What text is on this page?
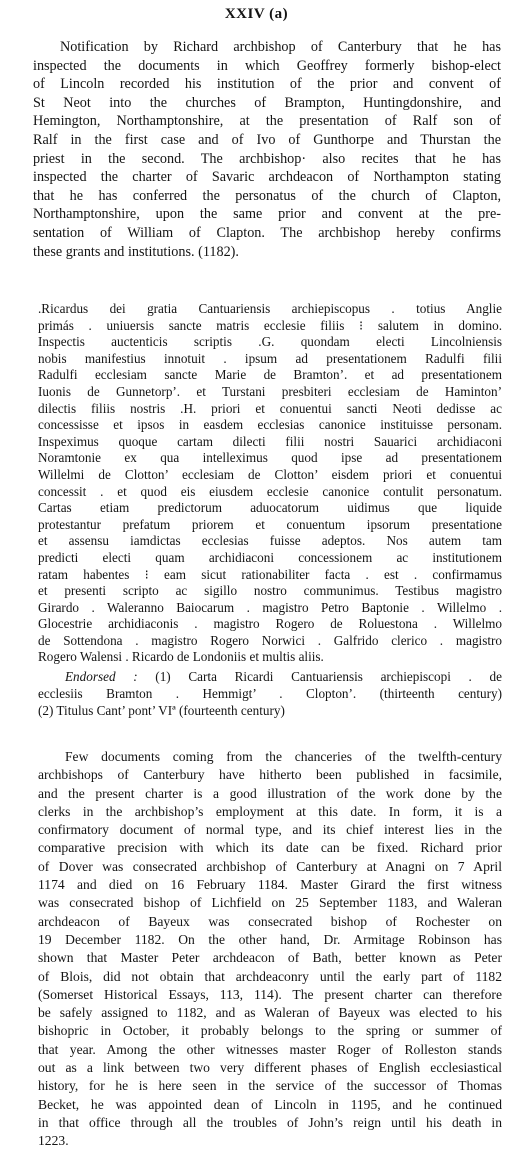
XXIV (a)
Notification by Richard archbishop of Canterbury that he has
inspected the documents in which Geoffrey formerly bishop-elect
of Lincoln recorded his institution of the prior and convent of
St Neot into the churches of Brampton, Huntingdonshire, and
Hemington, Northamptonshire, at the presentation of Ralf son of
Ralf in the first case and of Ivo of Gunthorpe and Thurstan the
priest in the second. The archbishop· also recites that he has
inspected the charter of Savaric archdeacon of Northampton stating
that he has conferred the personatus of the church of Clapton,
Northamptonshire, upon the same prior and convent at the pre-
sentation of William of Clapton. The archbishop hereby confirms
these grants and institutions. (1182).
.Ricardus dei gratia Cantuariensis archiepiscopus . totius Anglie
primás . uniuersis sancte matris ecclesie filiis ⁝ salutem in domino.
Inspectis auctenticis scriptis .G. quondam electi Lincolniensis
nobis manifestius innotuit . ipsum ad presentationem Radulfi filii
Radulfi ecclesiam sancte Marie de Bramton’. et ad presentationem
Iuonis de Gunnetorp’. et Turstani presbiteri ecclesiam de Haminton’
dilectis filiis nostris .H. priori et conuentui sancti Neoti dedisse ac
concessisse et ipsos in easdem ecclesias canonice instituisse personam.
Inspeximus quoque cartam dilecti filii nostri Sauarici archidiaconi
Noramtonie ex qua intelleximus quod ipse ad presentationem
Willelmi de Clotton’ ecclesiam de Clotton’ eisdem priori et conuentui
concessit . et quod eis eiusdem ecclesie canonice contulit personatum.
Cartas etiam predictorum aduocatorum uidimus que liquide
protestantur prefatum priorem et conuentum ipsorum presentatione
et assensu iamdictas ecclesias fuisse adeptos. Nos autem tam
predicti electi quam archidiaconi concessionem ac institutionem
ratam habentes ⁝ eam sicut rationabiliter facta . est . confirmamus
et presenti scripto ac sigillo nostro communimus. Testibus magistro
Girardo . Waleranno Baiocarum . magistro Petro Baptonie . Willelmo .
Glocestrie archidiaconis . magistro Rogero de Roluestona . Willelmo
de Sottendona . magistro Rogero Norwici . Galfrido clerico . magistro
Rogero Walensi . Ricardo de Londoniis et multis aliis.
Endorsed : (1) Carta Ricardi Cantuariensis archiepiscopi . de
ecclesiis Bramton . Hemmigt’ . Clopton’. (thirteenth century)
(2) Titulus Cant’ pont’ VIª (fourteenth century)
Few documents coming from the chanceries of the twelfth-century
archbishops of Canterbury have hitherto been published in facsimile,
and the present charter is a good illustration of the work done by the
clerks in the archbishop’s employment at this date. In form, it is a
confirmatory document of normal type, and its chief interest lies in the
comparative precision with which its date can be fixed. Richard prior
of Dover was consecrated archbishop of Canterbury at Anagni on 7 April
1174 and died on 16 February 1184. Master Girard the first witness
was consecrated bishop of Lichfield on 25 September 1183, and Waleran
archdeacon of Bayeux was consecrated bishop of Rochester on
19 December 1182. On the other hand, Dr. Armitage Robinson has
shown that Master Peter archdeacon of Bath, better known as Peter
of Blois, did not obtain that archdeaconry until the early part of 1182
(Somerset Historical Essays, 113, 114). The present charter can therefore
be safely assigned to 1182, and as Waleran of Bayeux was elected to his
bishopric in October, it probably belongs to the spring or summer of
that year. Among the other witnesses master Roger of Rolleston stands
out as a link between two very different phases of English ecclesiastical
history, for he is here seen in the service of the successor of Thomas
Becket, he was appointed dean of Lincoln in 1195, and he continued
in that office through all the troubles of John’s reign until his death in
1223.
